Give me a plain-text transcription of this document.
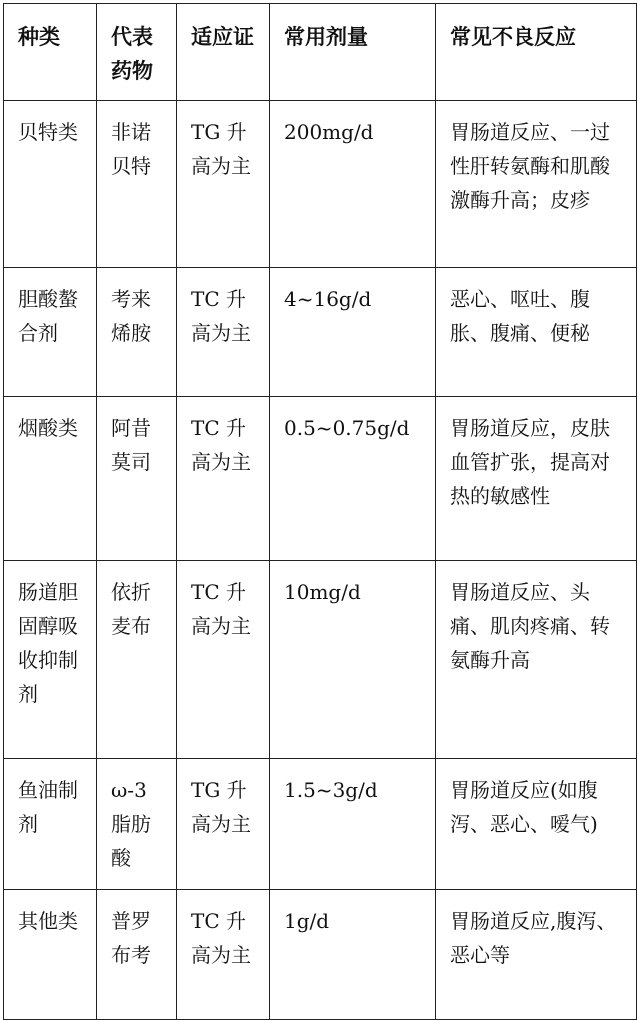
种类	代表药物	适应证	常用剂量	常见不良反应
贝特类	非诺贝特	TG 升高为主	200mg/d	胃肠道反应、一过性肝转氨酶和肌酸激酶升高；皮疹
胆酸螯合剂	考来烯胺	TC 升高为主	4~16g/d	恶心、呕吐、腹胀、腹痛、便秘
烟酸类	阿昔莫司	TC 升高为主	0.5~0.75g/d	胃肠道反应，皮肤血管扩张，提高对热的敏感性
肠道胆固醇吸收抑制剂	依折麦布	TC 升高为主	10mg/d	胃肠道反应、头痛、肌肉疼痛、转氨酶升高
鱼油制剂	ω-3 脂肪酸	TG 升高为主	1.5~3g/d	胃肠道反应(如腹泻、恶心、嗳气)
其他类	普罗布考	TC 升高为主	1g/d	胃肠道反应,腹泻、恶心等
